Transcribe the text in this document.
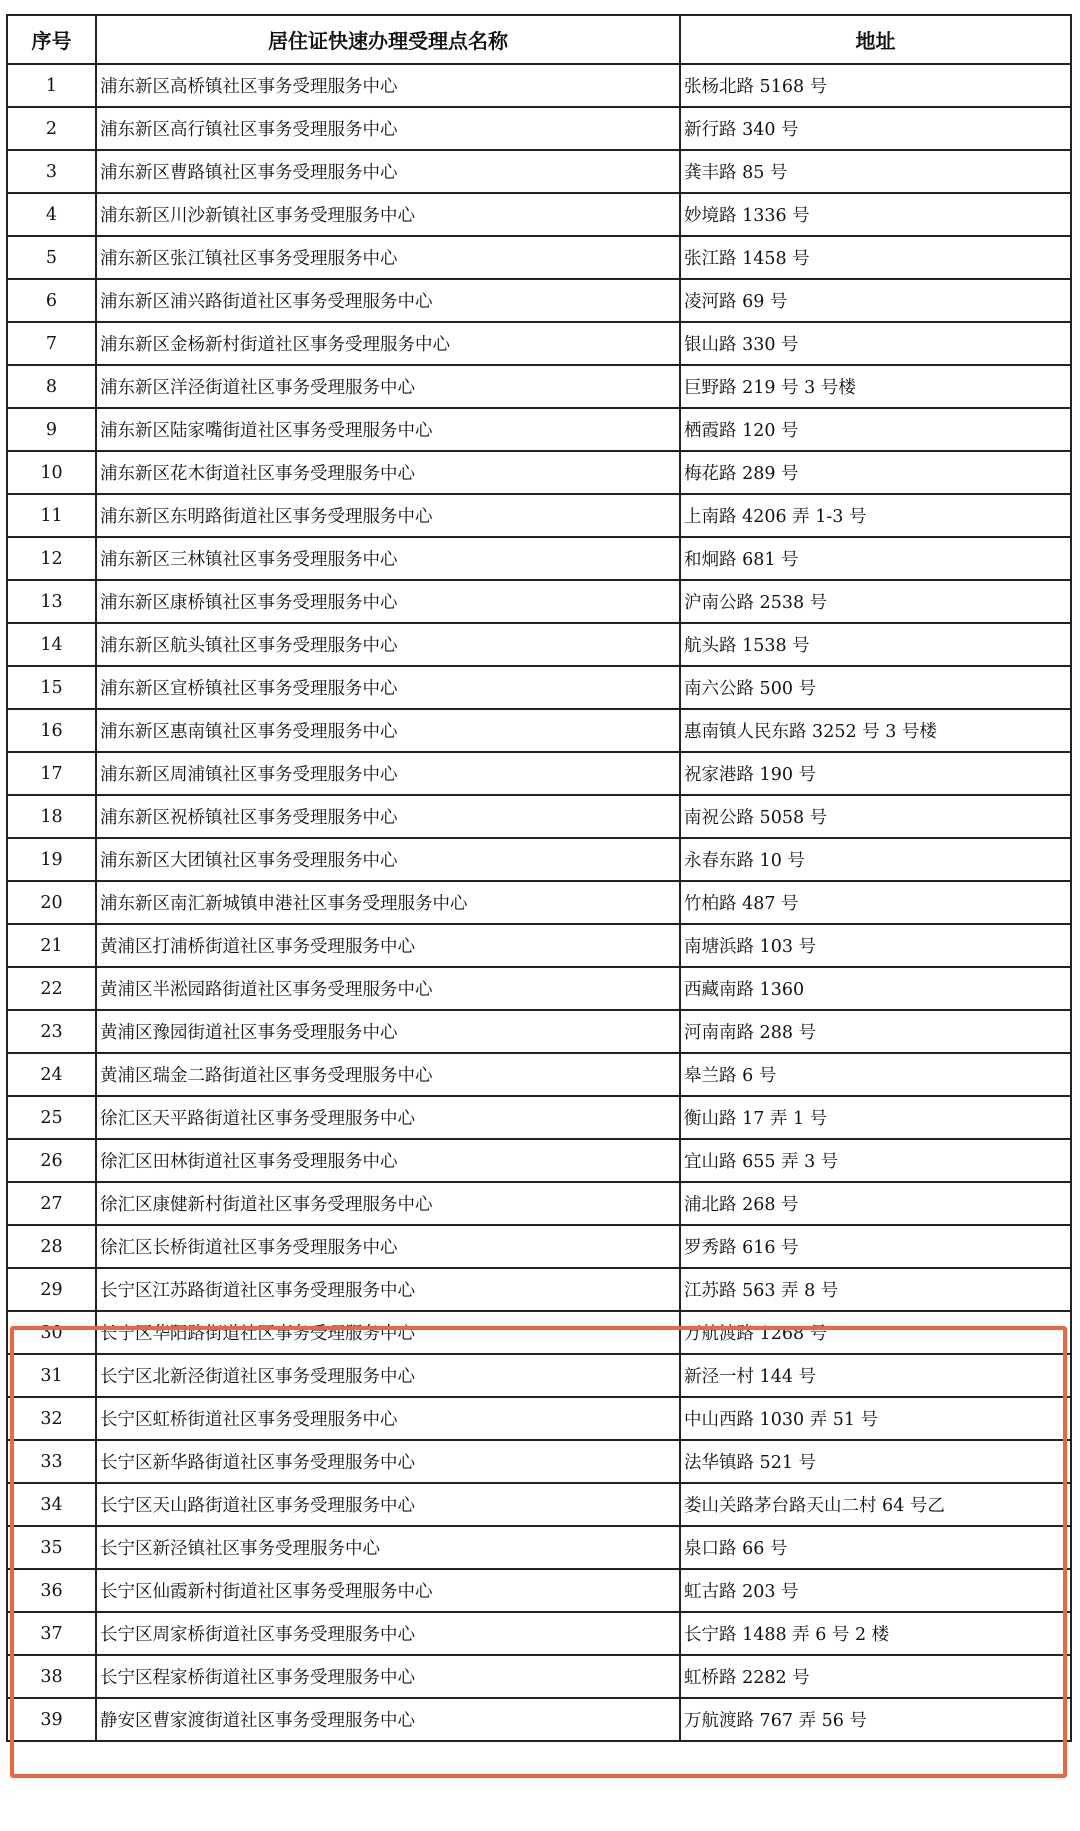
序号	居住证快速办理受理点名称	地址
1	浦东新区高桥镇社区事务受理服务中心	张杨北路 5168 号
2	浦东新区高行镇社区事务受理服务中心	新行路 340 号
3	浦东新区曹路镇社区事务受理服务中心	龚丰路 85 号
4	浦东新区川沙新镇社区事务受理服务中心	妙境路 1336 号
5	浦东新区张江镇社区事务受理服务中心	张江路 1458 号
6	浦东新区浦兴路街道社区事务受理服务中心	凌河路 69 号
7	浦东新区金杨新村街道社区事务受理服务中心	银山路 330 号
8	浦东新区洋泾街道社区事务受理服务中心	巨野路 219 号 3 号楼
9	浦东新区陆家嘴街道社区事务受理服务中心	栖霞路 120 号
10	浦东新区花木街道社区事务受理服务中心	梅花路 289 号
11	浦东新区东明路街道社区事务受理服务中心	上南路 4206 弄 1-3 号
12	浦东新区三林镇社区事务受理服务中心	和炯路 681 号
13	浦东新区康桥镇社区事务受理服务中心	沪南公路 2538 号
14	浦东新区航头镇社区事务受理服务中心	航头路 1538 号
15	浦东新区宣桥镇社区事务受理服务中心	南六公路 500 号
16	浦东新区惠南镇社区事务受理服务中心	惠南镇人民东路 3252 号 3 号楼
17	浦东新区周浦镇社区事务受理服务中心	祝家港路 190 号
18	浦东新区祝桥镇社区事务受理服务中心	南祝公路 5058 号
19	浦东新区大团镇社区事务受理服务中心	永春东路 10 号
20	浦东新区南汇新城镇申港社区事务受理服务中心	竹柏路 487 号
21	黄浦区打浦桥街道社区事务受理服务中心	南塘浜路 103 号
22	黄浦区半淞园路街道社区事务受理服务中心	西藏南路 1360
23	黄浦区豫园街道社区事务受理服务中心	河南南路 288 号
24	黄浦区瑞金二路街道社区事务受理服务中心	皋兰路 6 号
25	徐汇区天平路街道社区事务受理服务中心	衡山路 17 弄 1 号
26	徐汇区田林街道社区事务受理服务中心	宜山路 655 弄 3 号
27	徐汇区康健新村街道社区事务受理服务中心	浦北路 268 号
28	徐汇区长桥街道社区事务受理服务中心	罗秀路 616 号
29	长宁区江苏路街道社区事务受理服务中心	江苏路 563 弄 8 号
30	长宁区华阳路街道社区事务受理服务中心	万航渡路 1268 号
31	长宁区北新泾街道社区事务受理服务中心	新泾一村 144 号
32	长宁区虹桥街道社区事务受理服务中心	中山西路 1030 弄 51 号
33	长宁区新华路街道社区事务受理服务中心	法华镇路 521 号
34	长宁区天山路街道社区事务受理服务中心	娄山关路茅台路天山二村 64 号乙
35	长宁区新泾镇社区事务受理服务中心	泉口路 66 号
36	长宁区仙霞新村街道社区事务受理服务中心	虹古路 203 号
37	长宁区周家桥街道社区事务受理服务中心	长宁路 1488 弄 6 号 2 楼
38	长宁区程家桥街道社区事务受理服务中心	虹桥路 2282 号
39	静安区曹家渡街道社区事务受理服务中心	万航渡路 767 弄 56 号
